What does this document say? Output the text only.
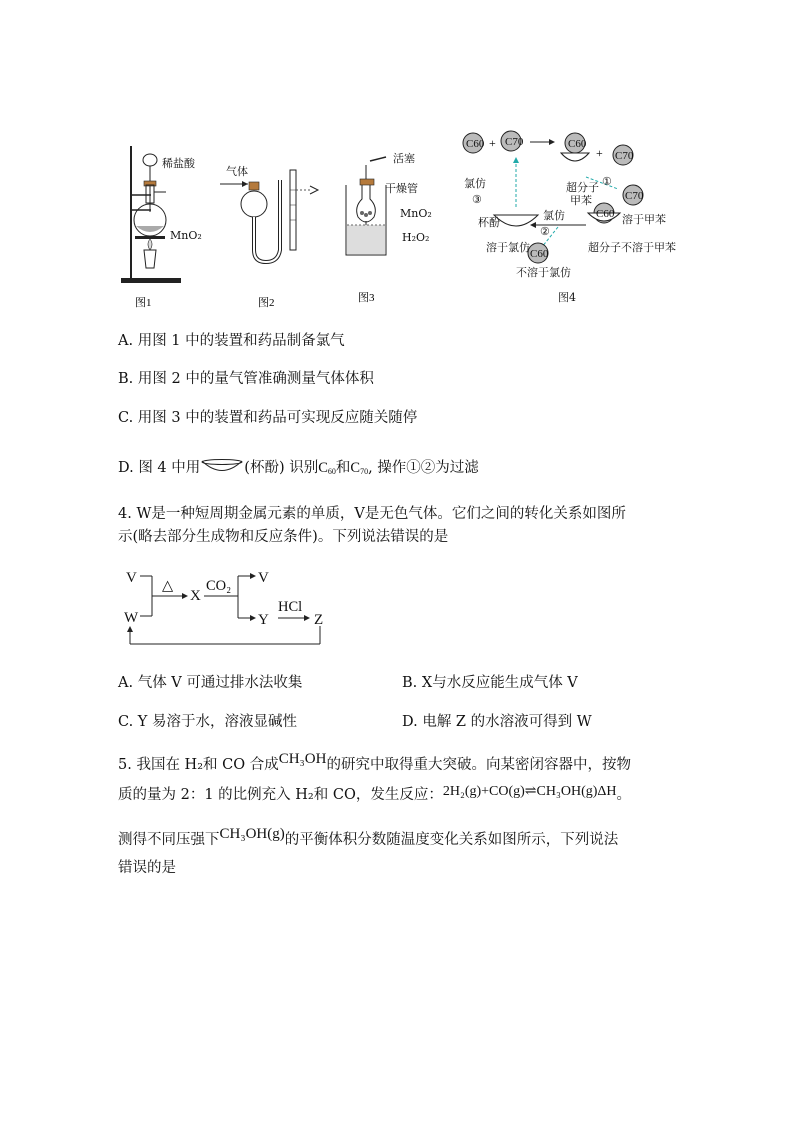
图1
稀盐酸
MnO₂
图2
气体
图3
活塞
干燥管
MnO₂
H₂O₂
+
+
C60 C70	C60
C70
C70
C60
C60
氯仿
③
超分子 ①
甲苯
氯仿
杯酚	溶于甲苯
②
溶于氯仿	超分子不溶于甲苯
不溶于氯仿
图4
A. 用图 1 中的装置和药品制备氯气
B. 用图 2 中的量气管准确测量气体体积
C. 用图 3 中的装置和药品可实现反应随关随停
D. 图 4 中用	(杯酚) 识别$C_{60}$和$C_{70}$, 操作①②为过滤
4. W是一种短周期金属元素的单质，V是无色气体。它们之间的转化关系如图所
示(略去部分生成物和反应条件)。下列说法错误的是
V
W
△
X
CO₂ V
Y
HCl
Z
A. 气体 V 可通过排水法收集	B. X与水反应能生成气体 V
C. Y 易溶于水，溶液显碱性	D. 电解 Z 的水溶液可得到 W
5. 我国在 H₂和 CO 合成CH₃OH的研究中取得重大突破。向某密闭容器中，按物
质的量为 2：1 的比例充入 H₂和 CO，发生反应：2H₂(g)+CO(g)⇌CH₃OH(g)ΔH。
测得不同压强下CH₃OH(g)的平衡体积分数随温度变化关系如图所示，下列说法
错误的是
